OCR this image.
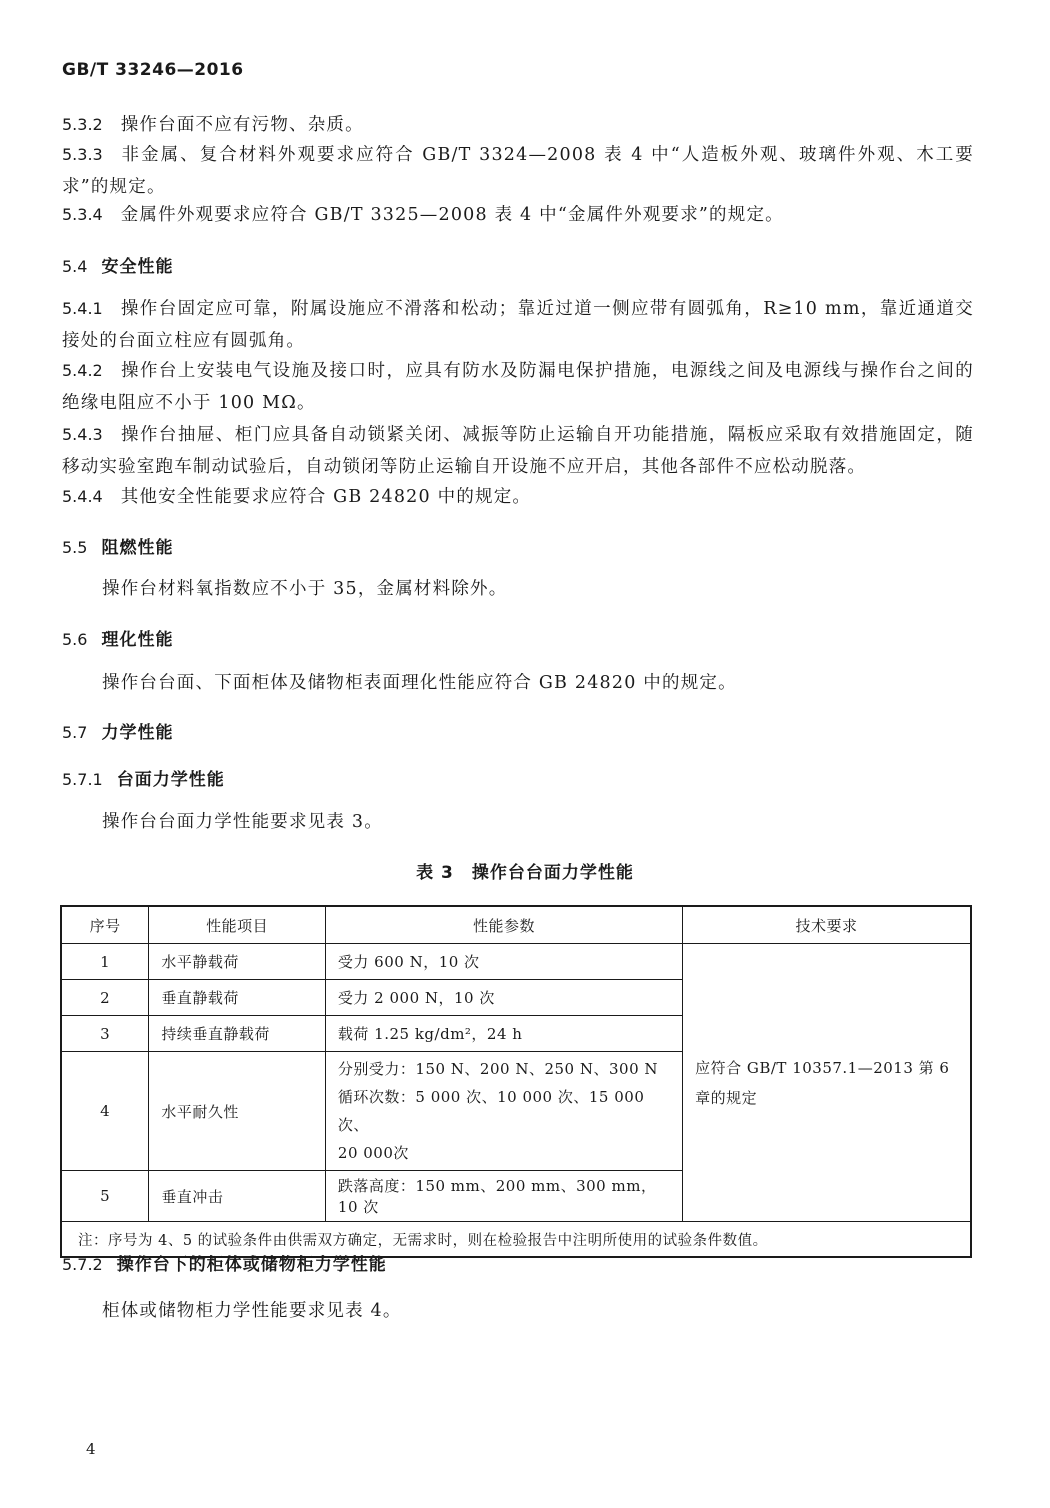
GB/T 33246—2016
5.3.2 操作台面不应有污物、杂质。
5.3.3 非金属、复合材料外观要求应符合 GB/T 3324—2008 表 4 中“人造板外观、玻璃件外观、木工要求”的规定。
5.3.4 金属件外观要求应符合 GB/T 3325—2008 表 4 中“金属件外观要求”的规定。
5.4 安全性能
5.4.1 操作台固定应可靠，附属设施应不滑落和松动；靠近过道一侧应带有圆弧角，R≥10 mm，靠近通道交接处的台面立柱应有圆弧角。
5.4.2 操作台上安装电气设施及接口时，应具有防水及防漏电保护措施，电源线之间及电源线与操作台之间的绝缘电阻应不小于 100 MΩ。
5.4.3 操作台抽屉、柜门应具备自动锁紧关闭、减振等防止运输自开功能措施，隔板应采取有效措施固定，随移动实验室跑车制动试验后，自动锁闭等防止运输自开设施不应开启，其他各部件不应松动脱落。
5.4.4 其他安全性能要求应符合 GB 24820 中的规定。
5.5 阻燃性能
操作台材料氧指数应不小于 35，金属材料除外。
5.6 理化性能
操作台台面、下面柜体及储物柜表面理化性能应符合 GB 24820 中的规定。
5.7 力学性能
5.7.1 台面力学性能
操作台台面力学性能要求见表 3。
表 3　操作台台面力学性能
序号	性能项目	性能参数	技术要求
1	水平静载荷	受力 600 N，10 次	应符合 GB/T 10357.1—2013 第 6 章的规定
2	垂直静载荷	受力 2 000 N，10 次	
3	持续垂直静载荷	载荷 1.25 kg/dm²，24 h	
4	水平耐久性	分别受力：150 N、200 N、250 N、300 N
循环次数：5 000 次、10 000 次、15 000 次、
20 000次	

5	垂直冲击	跌落高度：150 mm、200 mm、300 mm，10 次	
注：序号为 4、5 的试验条件由供需双方确定，无需求时，则在检验报告中注明所使用的试验条件数值。			
5.7.2 操作台下的柜体或储物柜力学性能
柜体或储物柜力学性能要求见表 4。
4
